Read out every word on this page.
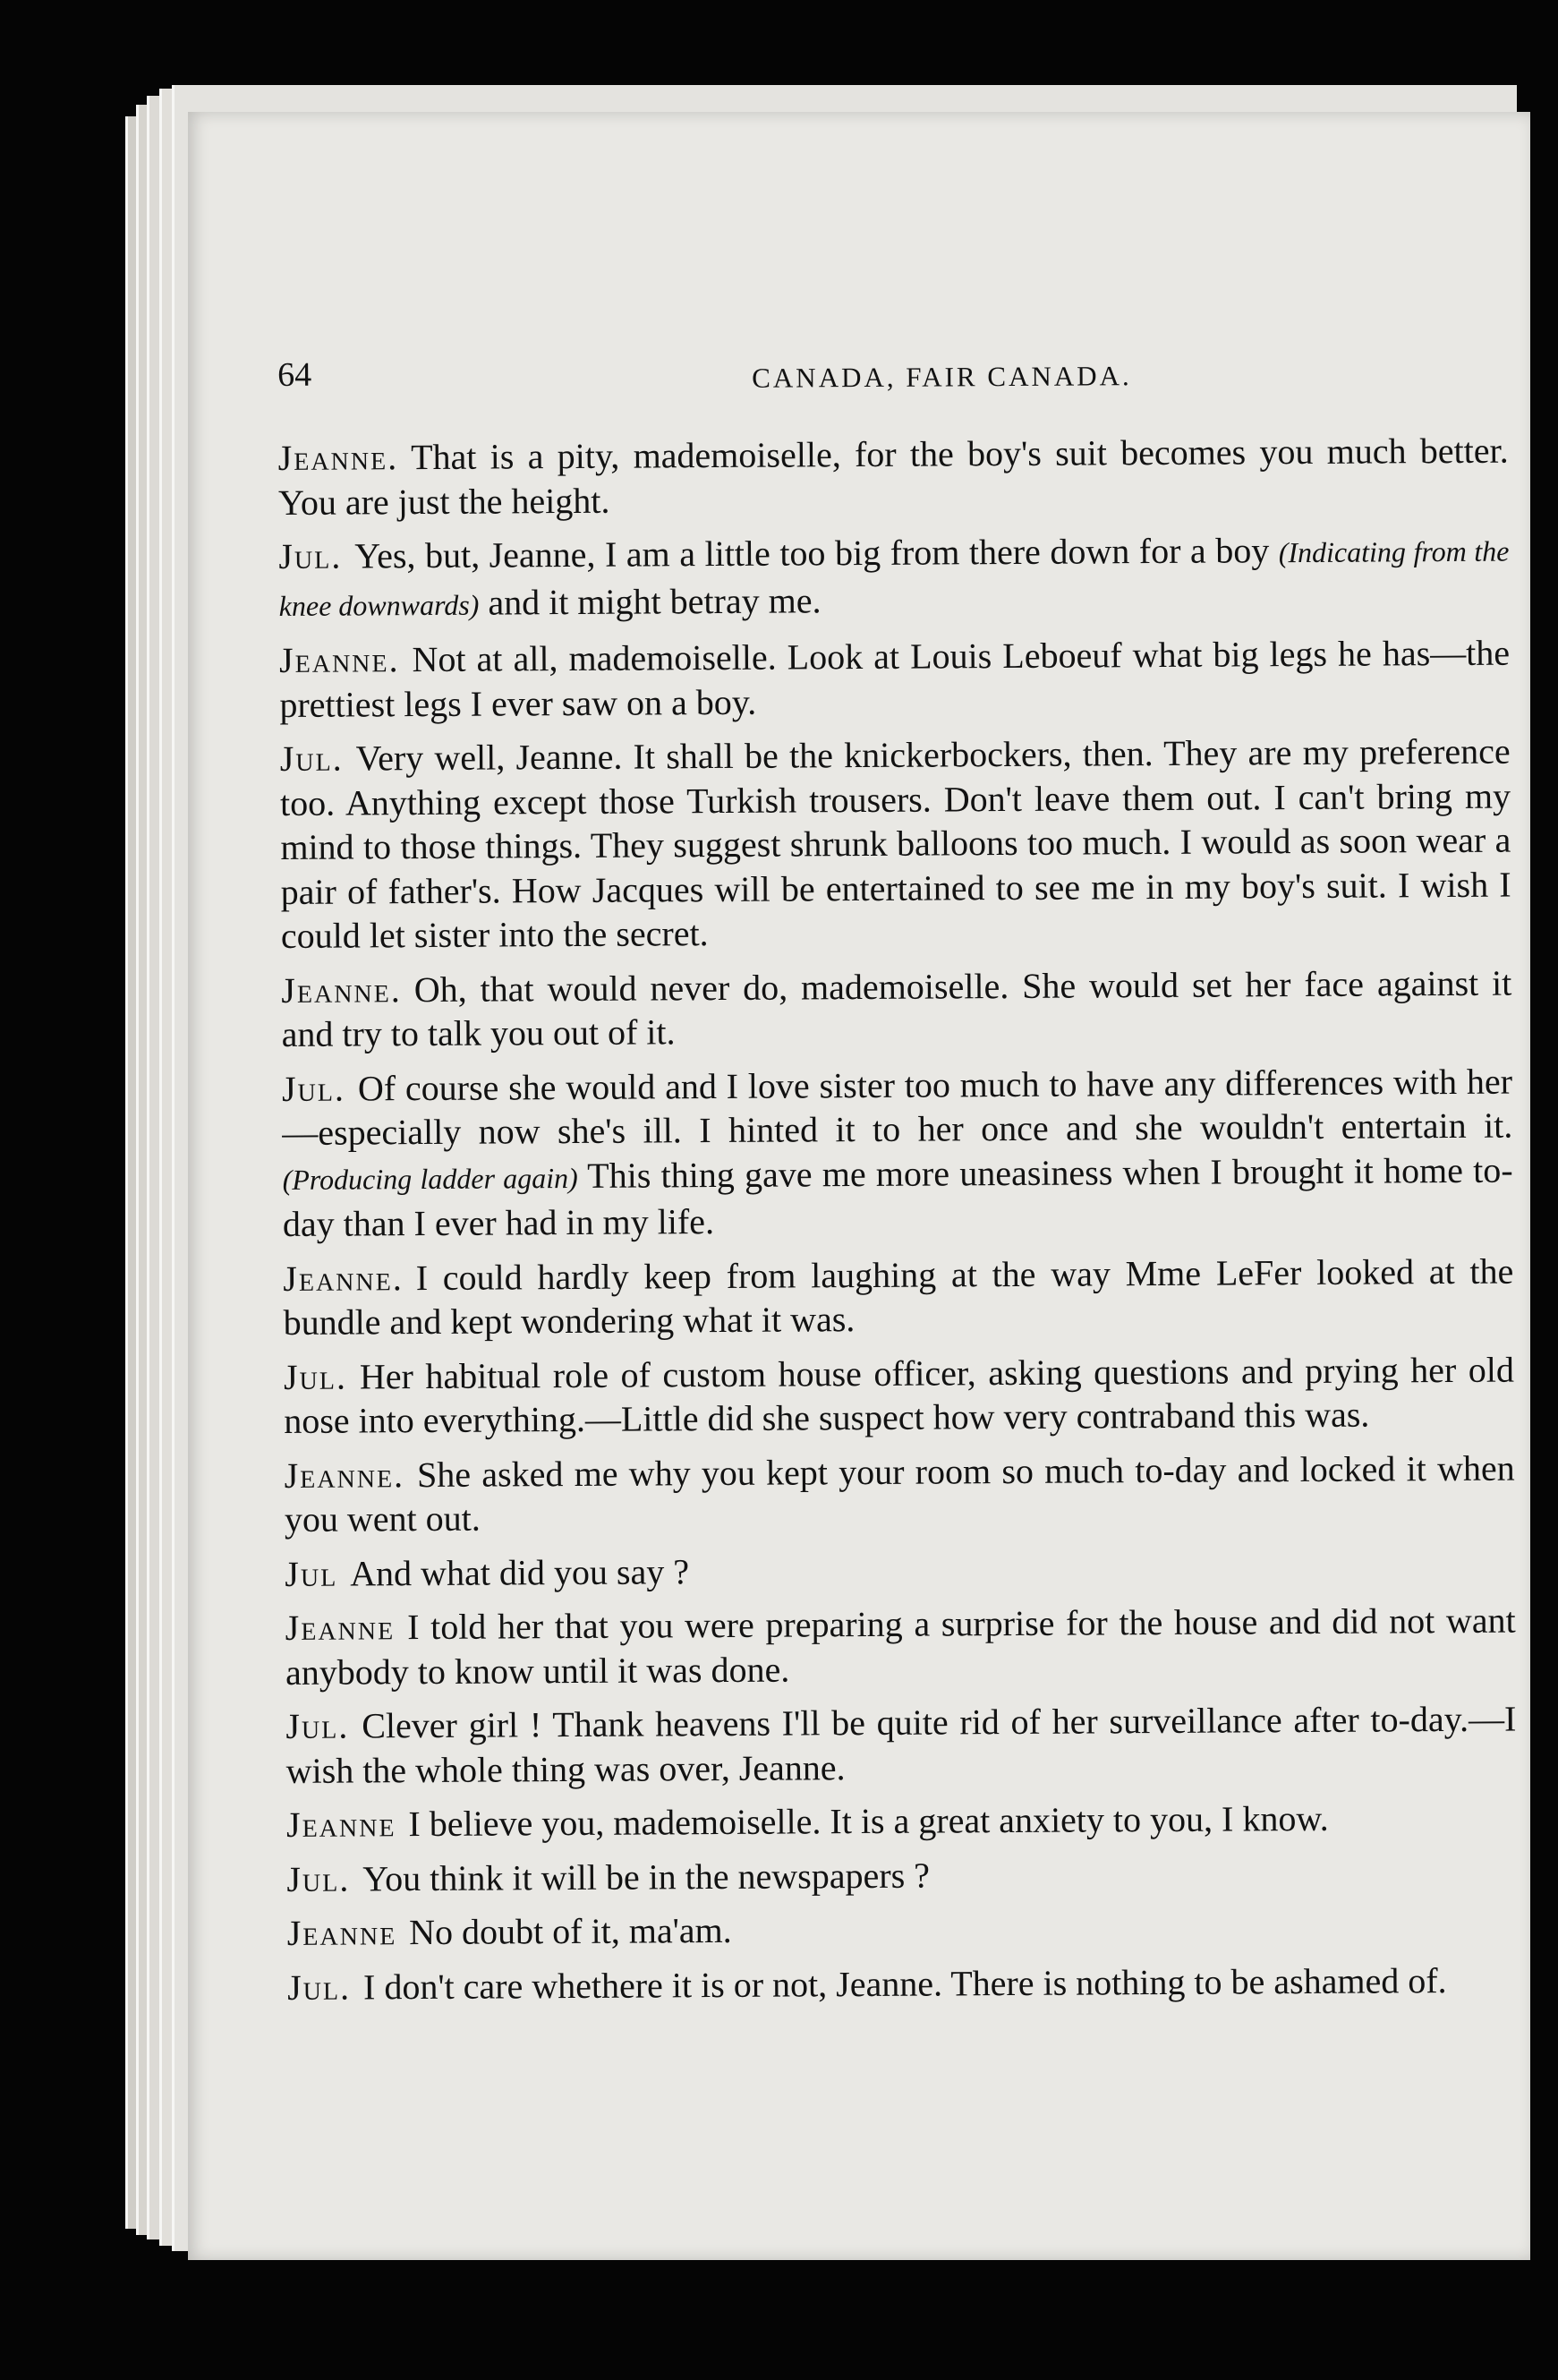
64	CANADA, FAIR CANADA.

Jeanne. That is a pity, mademoiselle, for the boy's suit becomes you much better. You are just the height.

Jul. Yes, but, Jeanne, I am a little too big from there down for a boy (Indicating from the knee downwards) and it might betray me.

Jeanne. Not at all, mademoiselle. Look at Louis Leboeuf what big legs he has—the prettiest legs I ever saw on a boy.

Jul. Very well, Jeanne. It shall be the knickerbockers, then. They are my preference too. Anything except those Turkish trousers. Don't leave them out. I can't bring my mind to those things. They suggest shrunk balloons too much. I would as soon wear a pair of father's. How Jacques will be entertained to see me in my boy's suit. I wish I could let sister into the secret.

Jeanne. Oh, that would never do, mademoiselle. She would set her face against it and try to talk you out of it.

Jul. Of course she would and I love sister too much to have any differences with her—especially now she's ill. I hinted it to her once and she wouldn't entertain it. (Producing ladder again) This thing gave me more uneasiness when I brought it home to-day than I ever had in my life.

Jeanne. I could hardly keep from laughing at the way Mme LeFer looked at the bundle and kept wondering what it was.

Jul. Her habitual role of custom house officer, asking questions and prying her old nose into everything.—Little did she suspect how very contraband this was.

Jeanne. She asked me why you kept your room so much to-day and locked it when you went out.

Jul And what did you say ?

Jeanne I told her that you were preparing a surprise for the house and did not want anybody to know until it was done.

Jul. Clever girl ! Thank heavens I'll be quite rid of her surveillance after to-day.—I wish the whole thing was over, Jeanne.

Jeanne I believe you, mademoiselle. It is a great anxiety to you, I know.

Jul. You think it will be in the newspapers ?

Jeanne No doubt of it, ma'am.

Jul. I don't care whethere it is or not, Jeanne. There is nothing to be ashamed of.
